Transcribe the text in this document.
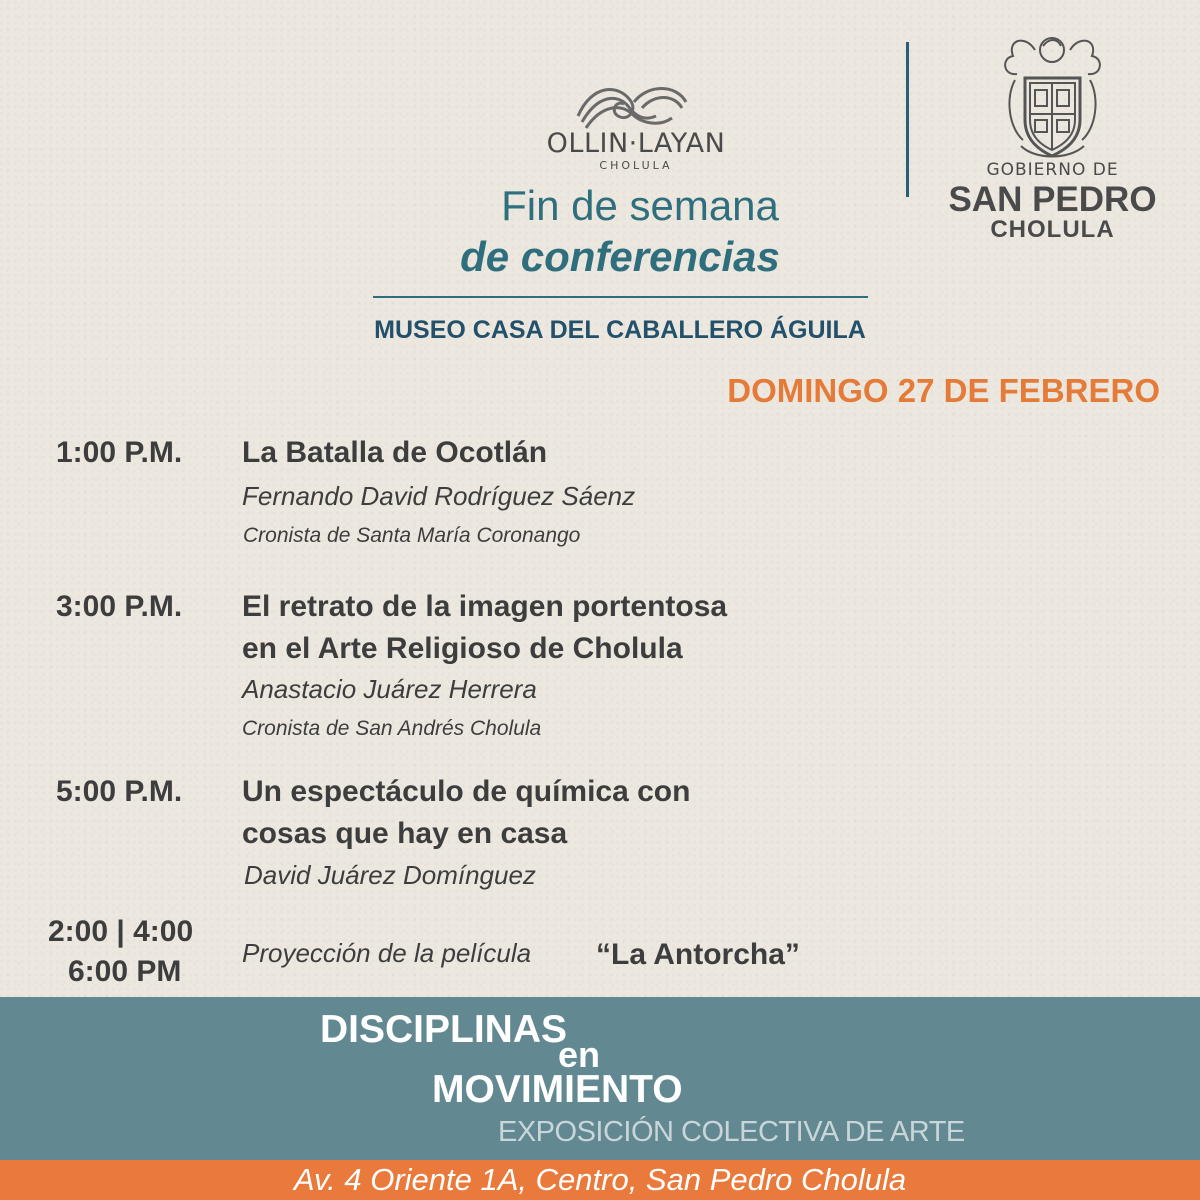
OLLIN·LAYAN
CHOLULA
Fin de semana
de conferencias
MUSEO CASA DEL CABALLERO ÁGUILA
GOBIERNO DE
SAN PEDRO
CHOLULA
DOMINGO 27 DE FEBRERO
1:00 P.M. La Batalla de Ocotlán
Fernando David Rodríguez Sáenz
Cronista de Santa María Coronango
3:00 P.M. El retrato de la imagen portentosa
en el Arte Religioso de Cholula
Anastacio Juárez Herrera
Cronista de San Andrés Cholula
5:00 P.M. Un espectáculo de química con
cosas que hay en casa
David Juárez Domínguez
2:00 | 4:00
6:00 PM
Proyección de la película “La Antorcha”
DISCIPLINAS
en
MOVIMIENTO
EXPOSICIÓN COLECTIVA DE ARTE
Av. 4 Oriente 1A, Centro, San Pedro Cholula
